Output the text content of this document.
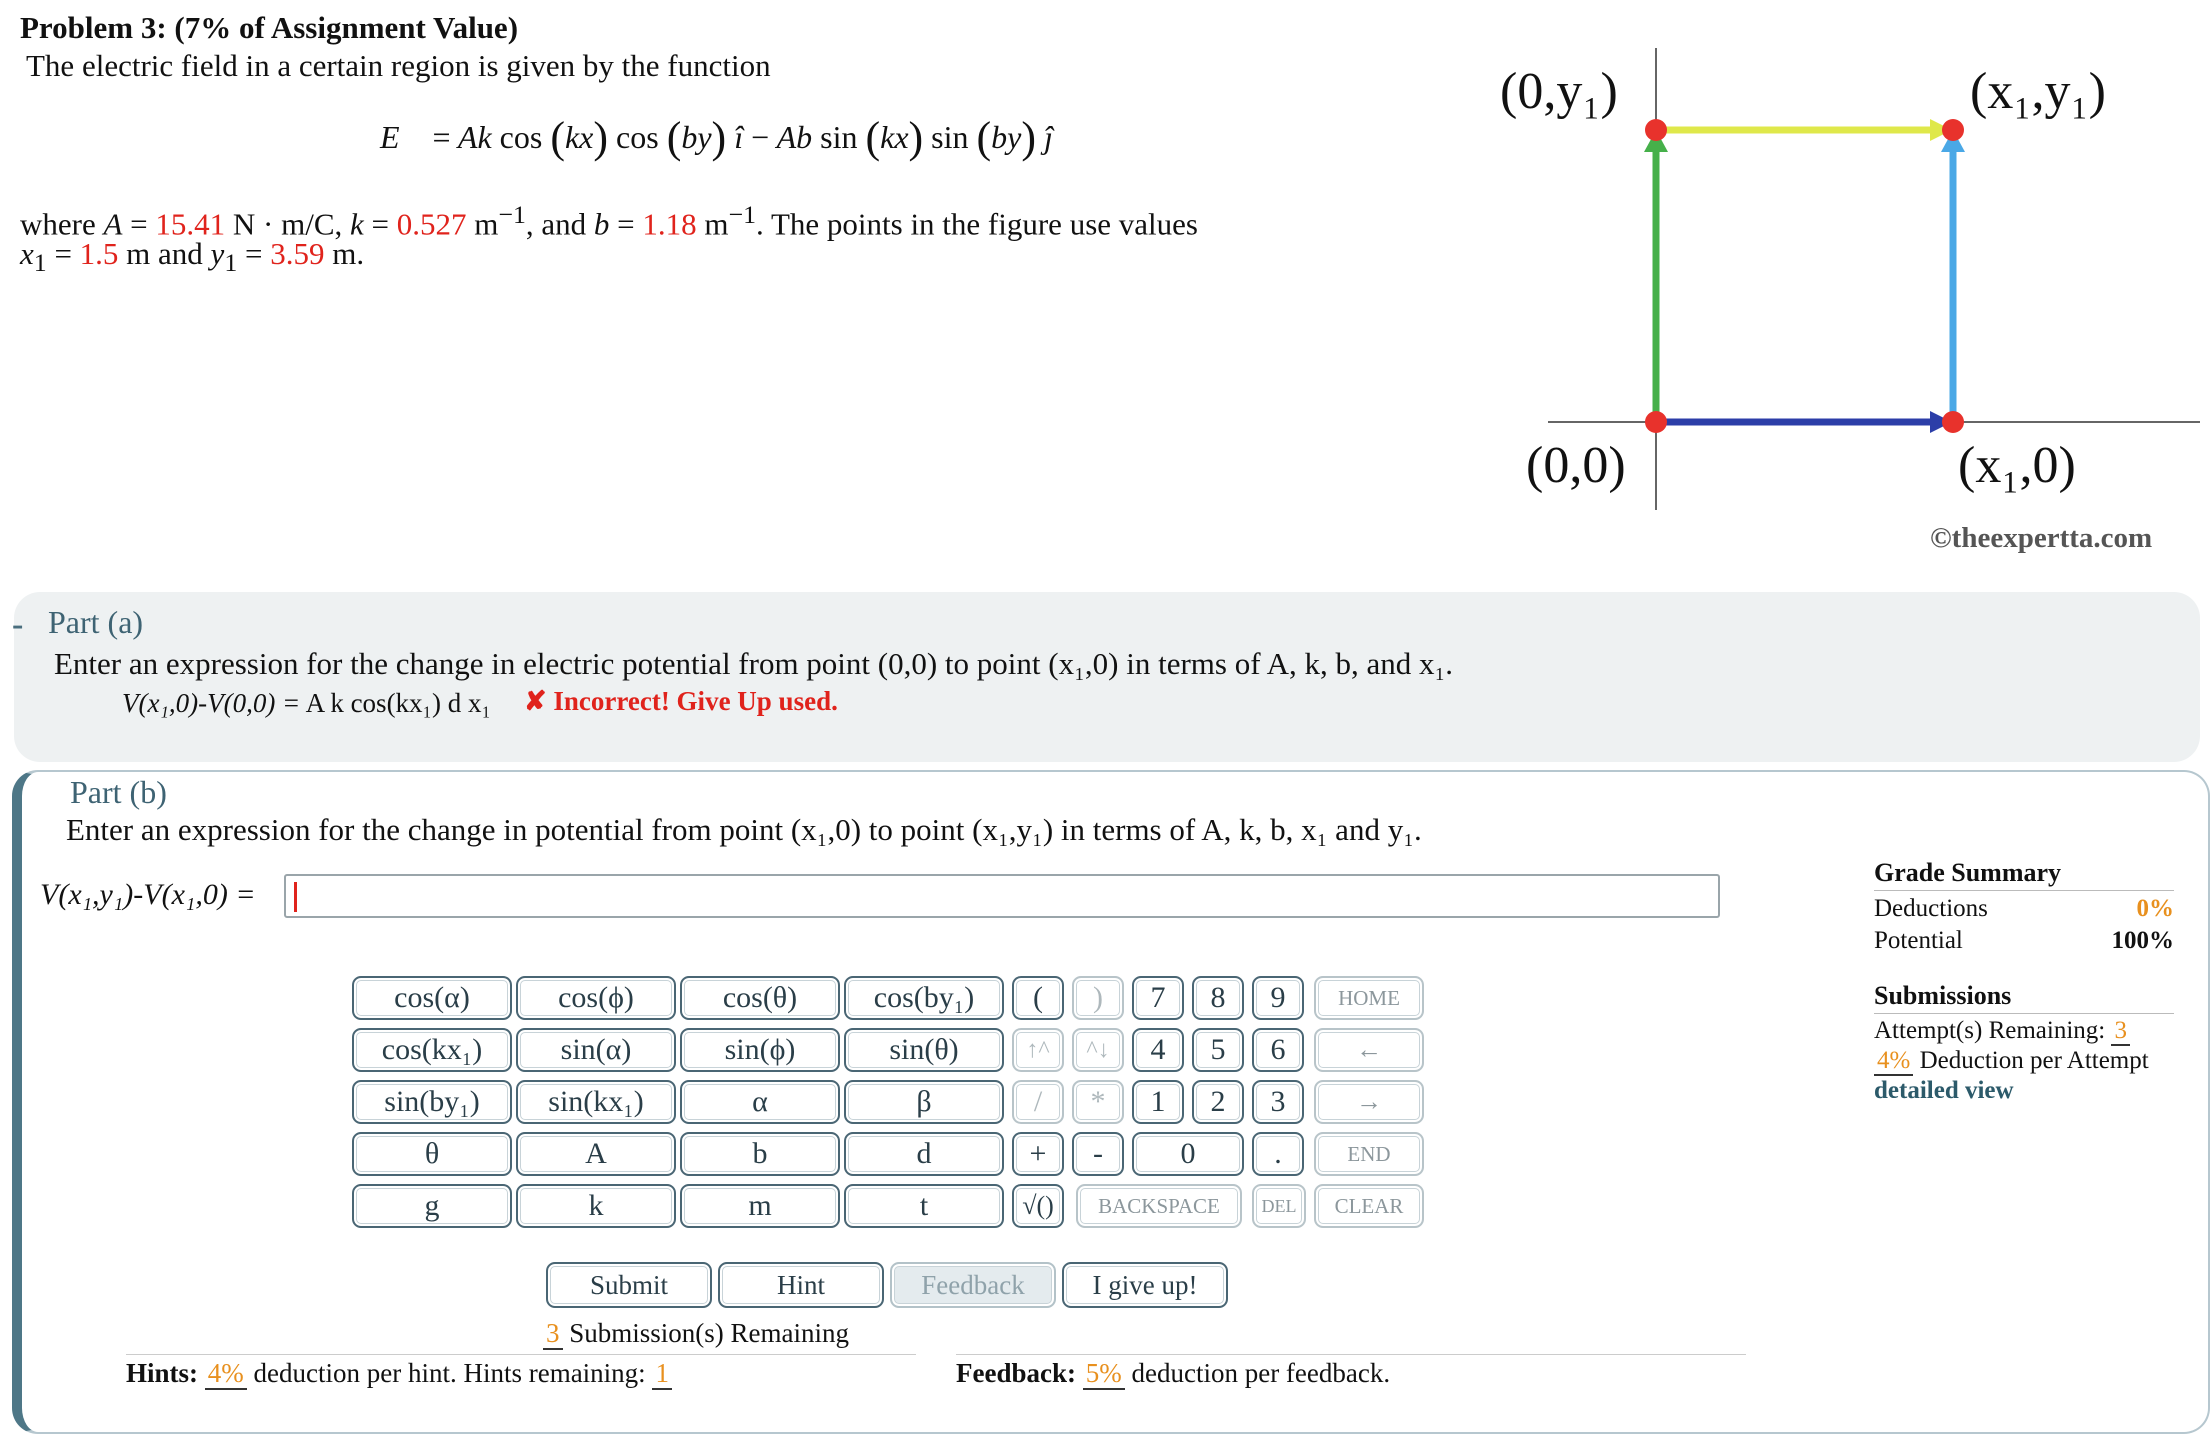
Problem 3: (7% of Assignment Value)
The electric field in a certain region is given by the function
E⃗ = Ak cos (kx) cos (by) î − Ab sin (kx) sin (by) ĵ
where A = 15.41 N · m/C, k = 0.527 $m^{-1}$, and b = 1.18 $m^{-1}$. The points in the figure use values
$x_1 = 1.5$ m and $y_1 = 3.59$ m.
(0,y₁)	(x₁,y₁)
(0,0)	(x₁,0)
©theexpertta.com
- Part (a)
Enter an expression for the change in electric potential from point (0,0) to point (x₁,0) in terms of A, k, b, and x₁.
V(x₁,0)-V(0,0) = A k cos(kx₁) d x₁ ✘ Incorrect! Give Up used.
Part (b)
Enter an expression for the change in potential from point (x₁,0) to point (x₁,y₁) in terms of A, k, b, x₁ and y₁.
V(x₁,y₁)-V(x₁,0) =
cos(α)	cos(ϕ)	cos(θ)	cos(by₁)
cos(kx₁)	sin(α)	sin(ϕ)	sin(θ)
sin(by₁)	sin(kx₁)	α	β
θ	A	b	d
g	k	m	t
(	)
↑^	^↓
/	*
+	-
√()
7	8	9
4	5	6
1	2	3
0	.
HOME
←
→
END
BACKSPACE	DEL	CLEAR
Submit	Hint	Feedback	I give up!
3 Submission(s) Remaining
Hints: 4% deduction per hint. Hints remaining: 1	Feedback: 5% deduction per feedback.
Grade Summary
Deductions	0%
Potential	100%
Submissions
Attempt(s) Remaining: 3
4% Deduction per Attempt
detailed view
